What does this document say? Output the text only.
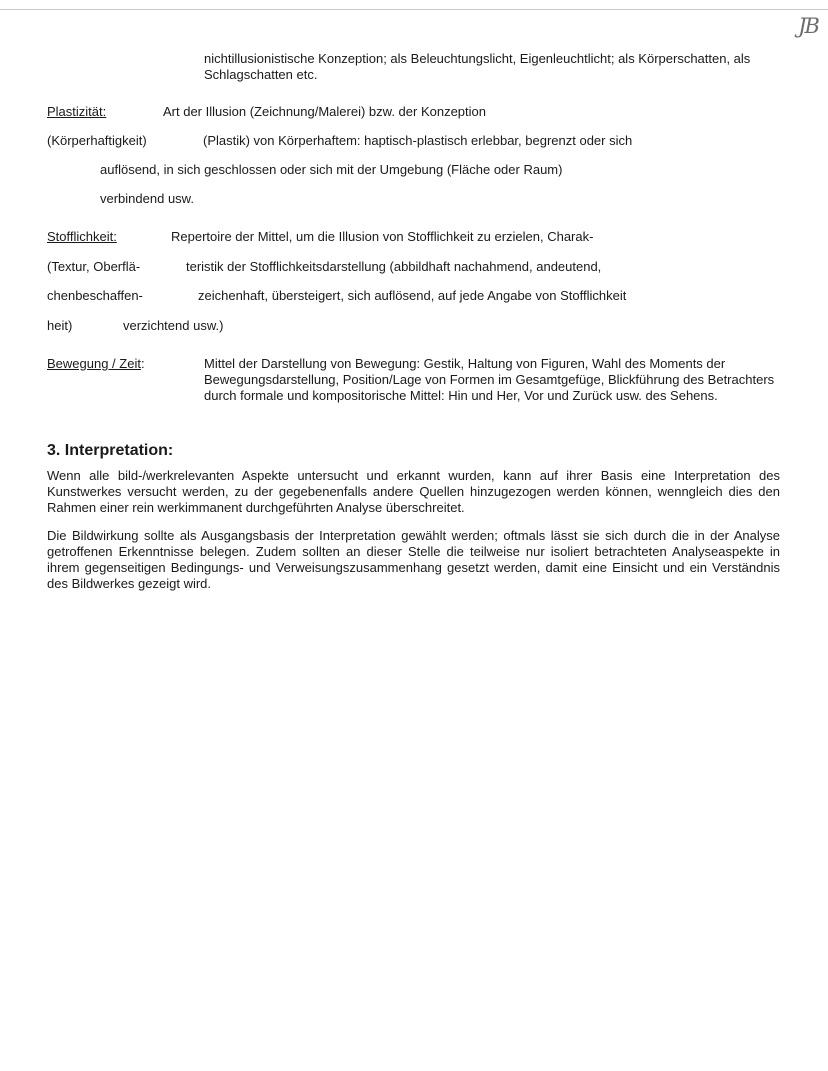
JB
nichtillusionistische Konzeption; als Beleuchtungslicht, Eigenleuchtlicht; als Körperschatten, als Schlagschatten etc.
Plastizität:	Art der Illusion (Zeichnung/Malerei) bzw. der Konzeption
(Körperhaftigkeit)	(Plastik) von Körperhaftem: haptisch-plastisch erlebbar, begrenzt oder sich
auflösend, in sich geschlossen oder sich mit der Umgebung (Fläche oder Raum)
verbindend usw.
Stofflichkeit:	Repertoire der Mittel, um die Illusion von Stofflichkeit zu erzielen, Charak-
(Textur, Oberflä-	teristik der Stofflichkeitsdarstellung (abbildhaft nachahmend, andeutend,
chenbeschaffen-	zeichenhaft, übersteigert, sich auflösend, auf jede Angabe von Stofflichkeit
heit)	verzichtend usw.)
Bewegung / Zeit:	Mittel der Darstellung von Bewegung: Gestik, Haltung von Figuren, Wahl des Moments der Bewegungsdarstellung, Position/Lage von Formen im Gesamtgefüge, Blickführung des Betrachters durch formale und kompositorische Mittel: Hin und Her, Vor und Zurück usw. des Sehens.
3. Interpretation:
Wenn alle bild-/werkrelevanten Aspekte untersucht und erkannt wurden, kann auf ihrer Basis eine Interpretation des Kunstwerkes versucht werden, zu der gegebenenfalls andere Quellen hinzugezogen werden können, wenngleich dies den Rahmen einer rein werkimmanent durchgeführten Analyse überschreitet.
Die Bildwirkung sollte als Ausgangsbasis der Interpretation gewählt werden; oftmals lässt sie sich durch die in der Analyse getroffenen Erkenntnisse belegen. Zudem sollten an dieser Stelle die teilweise nur isoliert betrachteten Analyseaspekte in ihrem gegenseitigen Bedingungs- und Verweisungszusammenhang gesetzt werden, damit eine Einsicht und ein Verständnis des Bildwerkes gezeigt wird.
